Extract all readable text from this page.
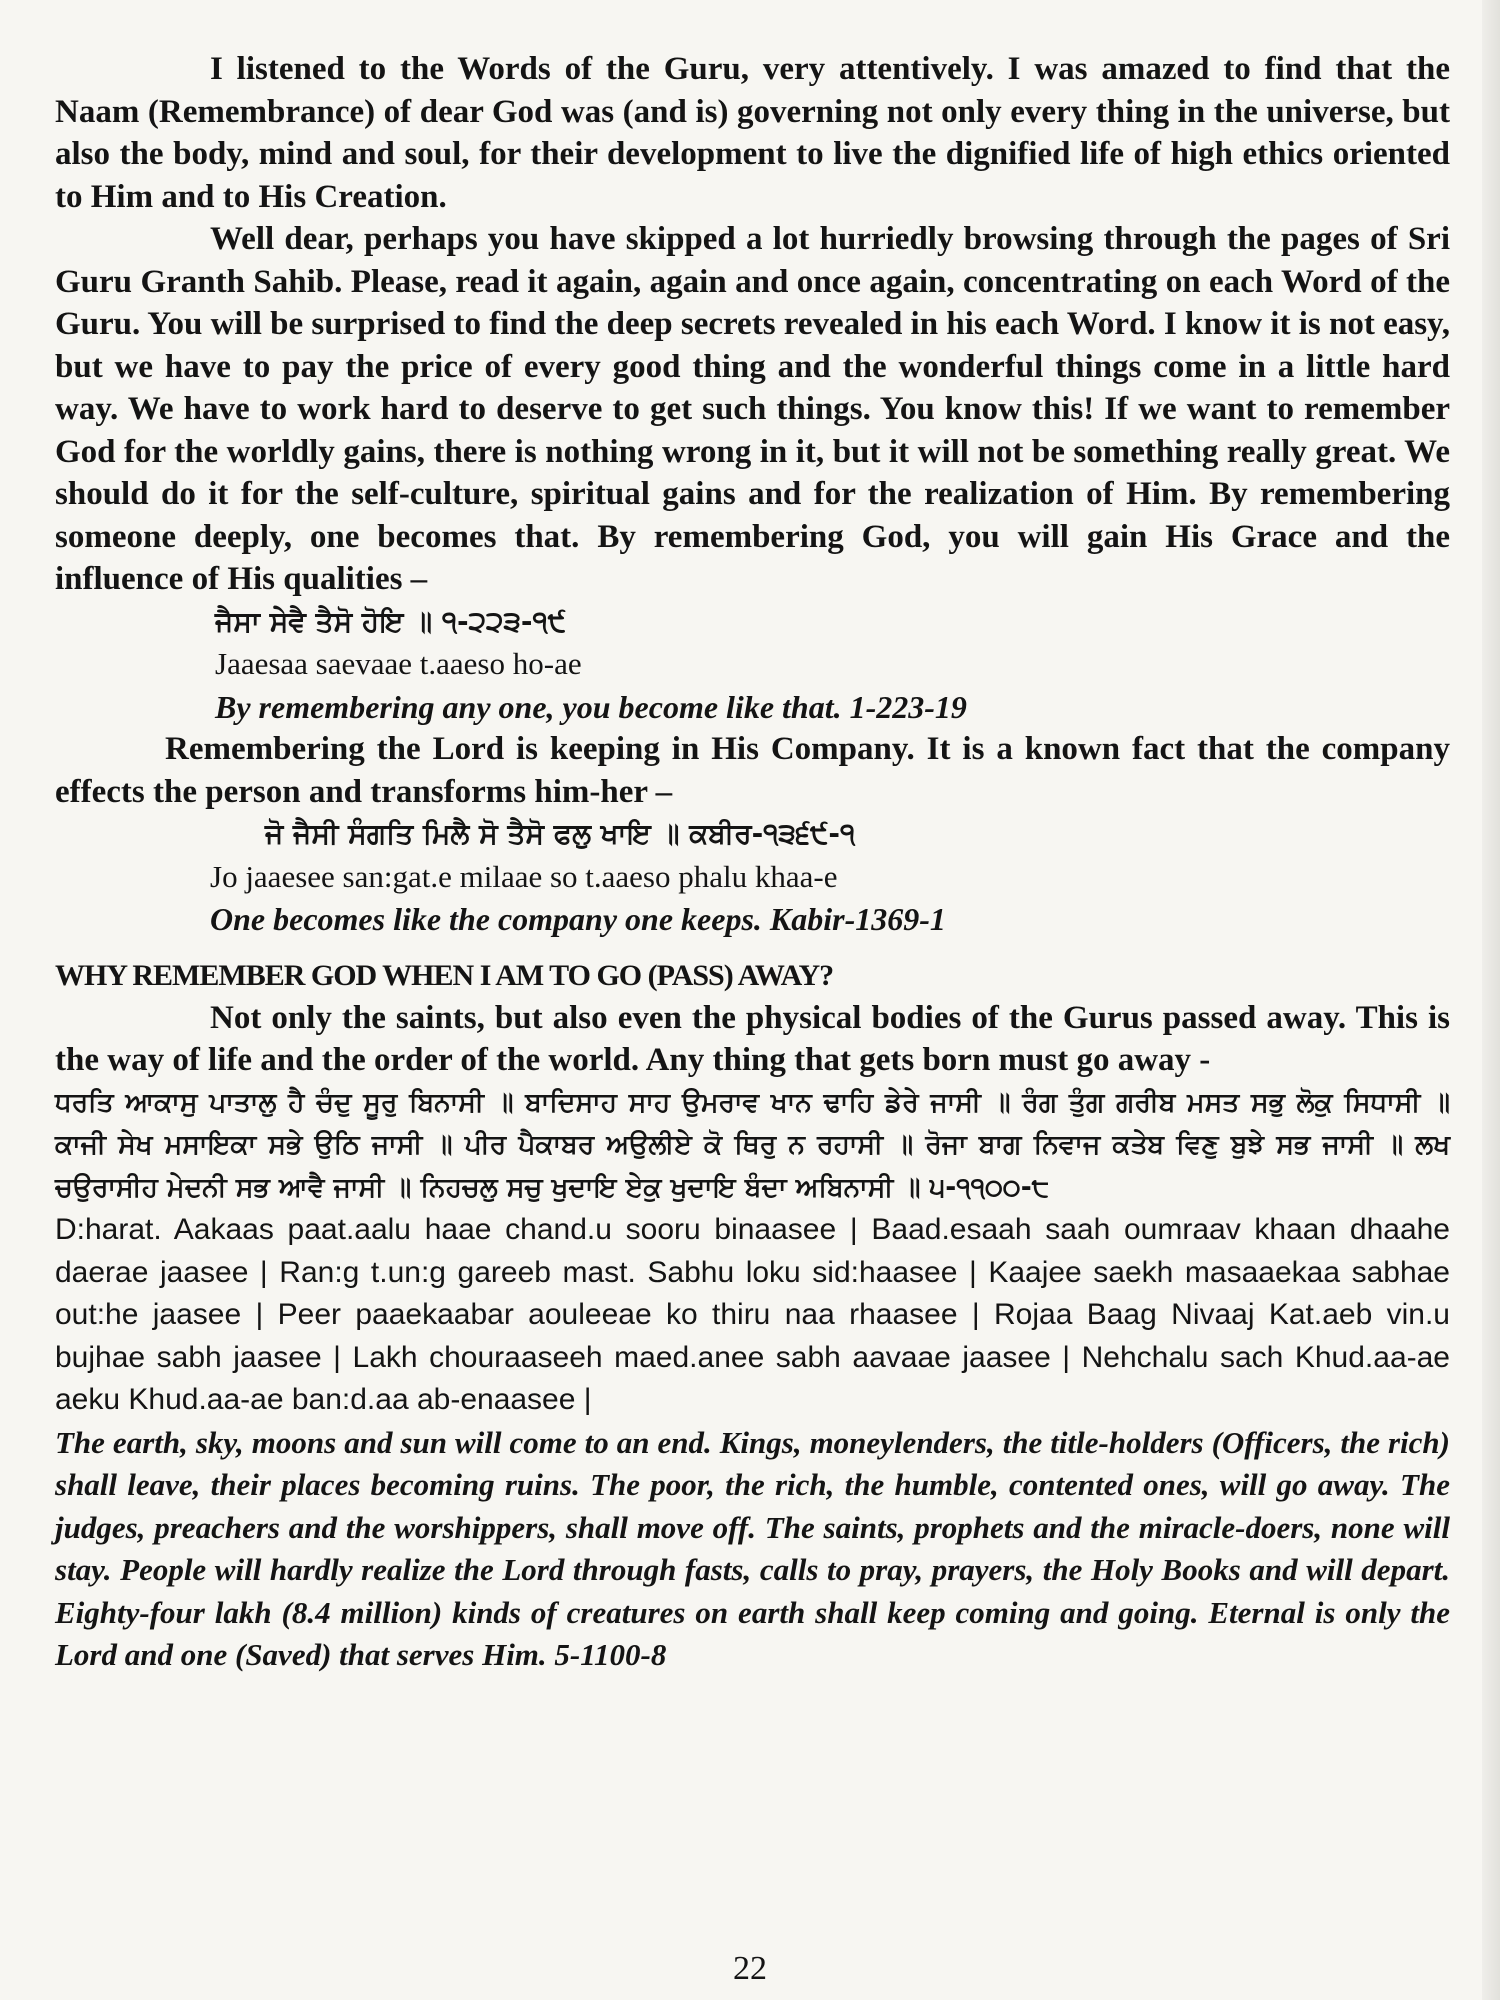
I listened to the Words of the Guru, very attentively. I was amazed to find that the Naam (Remembrance) of dear God was (and is) governing not only every thing in the universe, but also the body, mind and soul, for their development to live the dignified life of high ethics oriented to Him and to His Creation.

Well dear, perhaps you have skipped a lot hurriedly browsing through the pages of Sri Guru Granth Sahib. Please, read it again, again and once again, concentrating on each Word of the Guru. You will be surprised to find the deep secrets revealed in his each Word. I know it is not easy, but we have to pay the price of every good thing and the wonderful things come in a little hard way. We have to work hard to deserve to get such things. You know this! If we want to remember God for the worldly gains, there is nothing wrong in it, but it will not be something really great. We should do it for the self-culture, spiritual gains and for the realization of Him. By remembering someone deeply, one becomes that. By remembering God, you will gain His Grace and the influence of His qualities –

ਜੈਸਾ ਸੇਵੈ ਤੈਸੋ ਹੋਇ ॥ ੧-੨੨੩-੧੯
Jaaesaa saevaae t.aaeso ho-ae
By remembering any one, you become like that. 1-223-19

Remembering the Lord is keeping in His Company. It is a known fact that the company effects the person and transforms him-her –

ਜੋ ਜੈਸੀ ਸੰਗਤਿ ਮਿਲੈ ਸੋ ਤੈਸੋ ਫਲੁ ਖਾਇ ॥ ਕਬੀਰ-੧੩੬੯-੧
Jo jaaesee san:gat.e milaae so t.aaeso phalu khaa-e
One becomes like the company one keeps. Kabir-1369-1
WHY REMEMBER GOD WHEN I AM TO GO (PASS) AWAY?

Not only the saints, but also even the physical bodies of the Gurus passed away. This is the way of life and the order of the world. Any thing that gets born must go away -

ਧਰਤਿ ਆਕਾਸੁ ਪਾਤਾਲੁ ਹੈ ਚੰਦੁ ਸੂਰੁ ਬਿਨਾਸੀ ॥ ਬਾਦਿਸਾਹ ਸਾਹ ਉਮਰਾਵ ਖਾਨ ਢਾਹਿ ਡੇਰੇ ਜਾਸੀ ॥ ਰੰਗ ਤੁੰਗ ਗਰੀਬ ਮਸਤ ਸਭੁ ਲੋਕੁ ਸਿਧਾਸੀ ॥ ਕਾਜੀ ਸੇਖ ਮਸਾਇਕਾ ਸਭੇ ਉਠਿ ਜਾਸੀ ॥ ਪੀਰ ਪੈਕਾਬਰ ਅਉਲੀਏ ਕੋ ਥਿਰੁ ਨ ਰਹਾਸੀ ॥ ਰੋਜਾ ਬਾਗ ਨਿਵਾਜ ਕਤੇਬ ਵਿਣੁ ਬੁਝੇ ਸਭ ਜਾਸੀ ॥ ਲਖ ਚਉਰਾਸੀਹ ਮੇਦਨੀ ਸਭ ਆਵੈ ਜਾਸੀ ॥ ਨਿਹਚਲੁ ਸਚੁ ਖੁਦਾਇ ਏਕੁ ਖੁਦਾਇ ਬੰਦਾ ਅਬਿਨਾਸੀ ॥ ੫-੧੧੦੦-੮

D:harat. Aakaas paat.aalu haae chand.u sooru binaasee | Baad.esaah saah oumraav khaan dhaahe daerae jaasee | Ran:g t.un:g gareeb mast. Sabhu loku sid:haasee | Kaajee saekh masaaekaa sabhae out:he jaasee | Peer paaekaabar aouleeae ko thiru naa rhaasee | Rojaa Baag Nivaaj Kat.aeb vin.u bujhae sabh jaasee | Lakh chouraaseeh maed.anee sabh aavaae jaasee | Nehchalu sach Khud.aa-ae aeku Khud.aa-ae ban:d.aa ab-enaasee |

The earth, sky, moons and sun will come to an end. Kings, moneylenders, the title-holders (Officers, the rich) shall leave, their places becoming ruins. The poor, the rich, the humble, contented ones, will go away. The judges, preachers and the worshippers, shall move off. The saints, prophets and the miracle-doers, none will stay. People will hardly realize the Lord through fasts, calls to pray, prayers, the Holy Books and will depart. Eighty-four lakh (8.4 million) kinds of creatures on earth shall keep coming and going. Eternal is only the Lord and one (Saved) that serves Him. 5-1100-8

22
